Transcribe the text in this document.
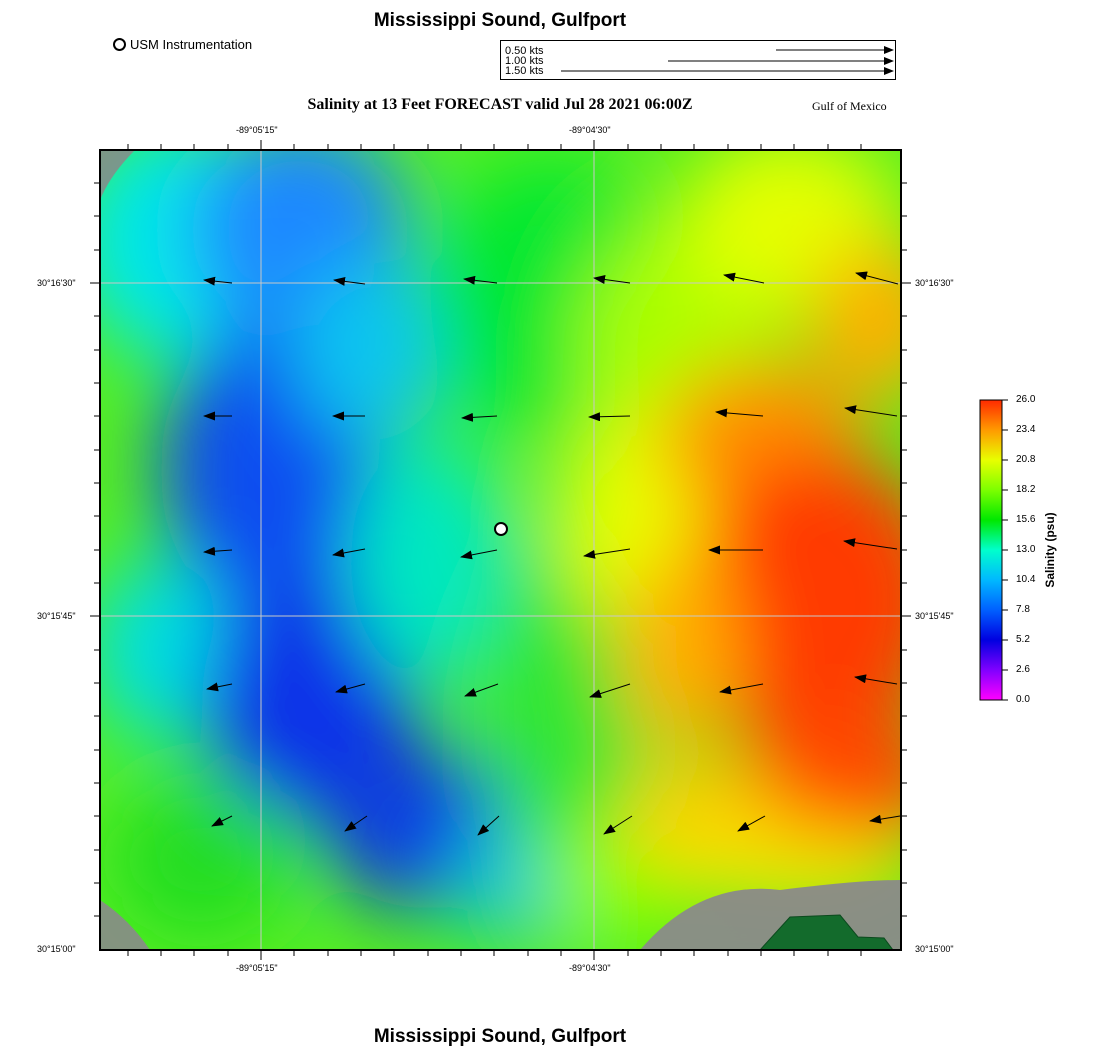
Mississippi Sound, Gulfport
USM Instrumentation	0.50 kts
1.00 kts
1.50 kts
Salinity at 13 Feet FORECAST valid Jul 28 2021 06:00Z	Gulf of Mexico
-89°05'15"	-89°04'30"
-89°05'15"	-89°04'30"
30°16'30"
30°15'45"
30°15'00"
30°16'30"
30°15'45"
30°15'00"
26.0
23.4
20.8
18.2
15.6
13.0
10.4
7.8
5.2
2.6
0.0
Salinity (psu)
Mississippi Sound, Gulfport
